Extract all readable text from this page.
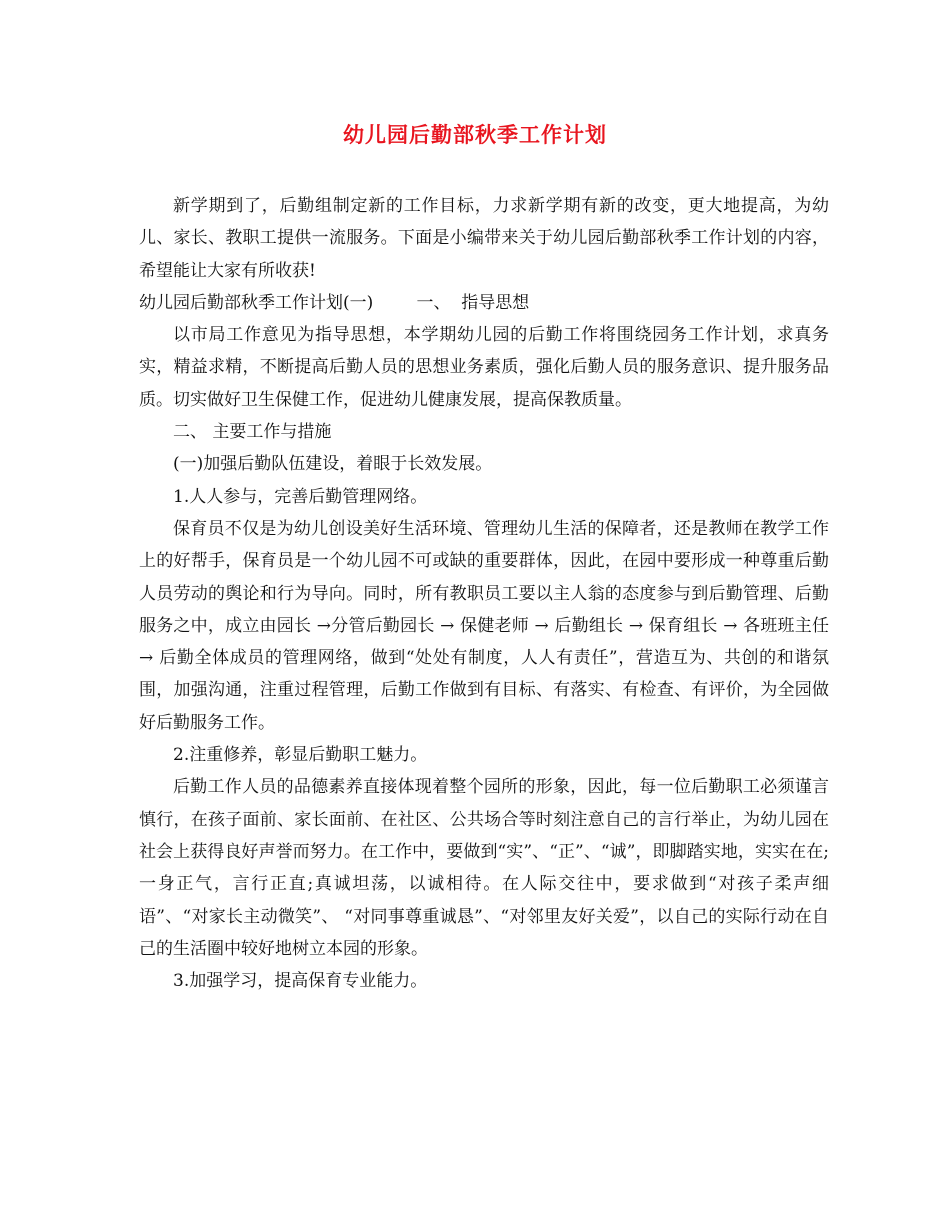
幼儿园后勤部秋季工作计划

新学期到了，后勤组制定新的工作目标，力求新学期有新的改变，更大地提高，为幼儿、家长、教职工提供一流服务。下面是小编带来关于幼儿园后勤部秋季工作计划的内容，希望能让大家有所收获!

幼儿园后勤部秋季工作计划(一)        一、  指导思想

以市局工作意见为指导思想，本学期幼儿园的后勤工作将围绕园务工作计划，求真务实，精益求精，不断提高后勤人员的思想业务素质，强化后勤人员的服务意识、提升服务品质。切实做好卫生保健工作，促进幼儿健康发展，提高保教质量。

二、 主要工作与措施

(一)加强后勤队伍建设，着眼于长效发展。

1.人人参与，完善后勤管理网络。

保育员不仅是为幼儿创设美好生活环境、管理幼儿生活的保障者，还是教师在教学工作上的好帮手，保育员是一个幼儿园不可或缺的重要群体，因此，在园中要形成一种尊重后勤人员劳动的舆论和行为导向。同时，所有教职员工要以主人翁的态度参与到后勤管理、后勤服务之中，成立由园长 →分管后勤园长 → 保健老师 → 后勤组长 → 保育组长 → 各班班主任 → 后勤全体成员的管理网络，做到“处处有制度，人人有责任”，营造互为、共创的和谐氛围，加强沟通，注重过程管理，后勤工作做到有目标、有落实、有检查、有评价，为全园做好后勤服务工作。

2.注重修养，彰显后勤职工魅力。

后勤工作人员的品德素养直接体现着整个园所的形象，因此，每一位后勤职工必须谨言慎行，在孩子面前、家长面前、在社区、公共场合等时刻注意自己的言行举止，为幼儿园在社会上获得良好声誉而努力。在工作中，要做到“实”、“正”、“诚”，即脚踏实地，实实在在;一身正气，言行正直;真诚坦荡，以诚相待。在人际交往中，要求做到“对孩子柔声细语”、“对家长主动微笑”、 “对同事尊重诚恳”、“对邻里友好关爱”，以自己的实际行动在自己的生活圈中较好地树立本园的形象。

3.加强学习，提高保育专业能力。
